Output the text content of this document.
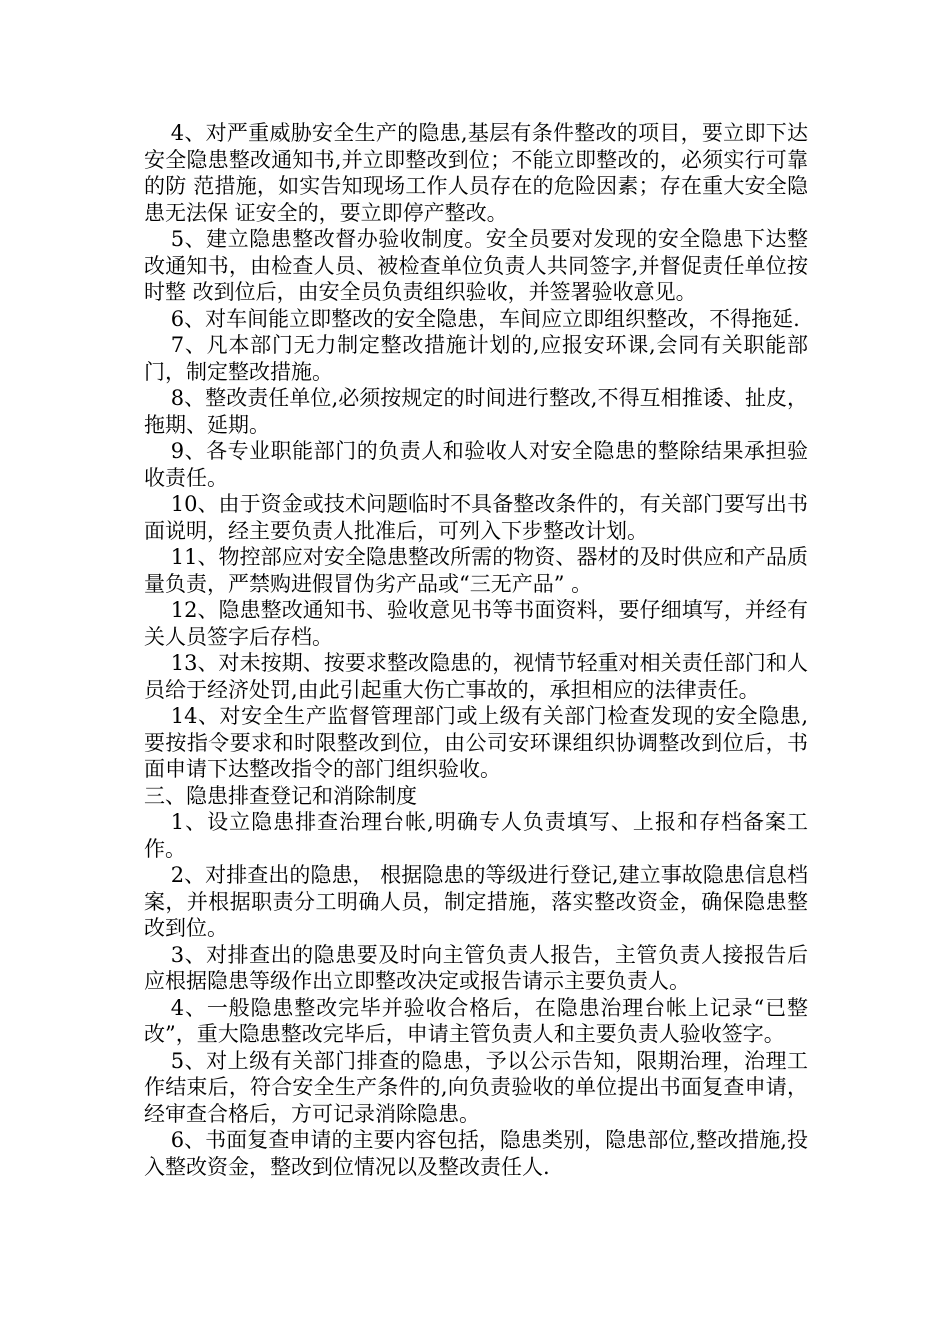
4、对严重威胁安全生产的隐患,基层有条件整改的项目，要立即下达安全隐患整改通知书,并立即整改到位；不能立即整改的，必须实行可靠的防 范措施，如实告知现场工作人员存在的危险因素；存在重大安全隐患无法保 证安全的，要立即停产整改。

5、建立隐患整改督办验收制度。安全员要对发现的安全隐患下达整改通知书，由检查人员、被检查单位负责人共同签字,并督促责任单位按时整 改到位后，由安全员负责组织验收，并签署验收意见。

6、对车间能立即整改的安全隐患，车间应立即组织整改，不得拖延.

7、凡本部门无力制定整改措施计划的,应报安环课,会同有关职能部门，制定整改措施。

8、整改责任单位,必须按规定的时间进行整改,不得互相推诿、扯皮，拖期、延期。

9、各专业职能部门的负责人和验收人对安全隐患的整除结果承担验收责任。

10、由于资金或技术问题临时不具备整改条件的，有关部门要写出书面说明，经主要负责人批准后，可列入下步整改计划。

11、物控部应对安全隐患整改所需的物资、器材的及时供应和产品质量负责，严禁购进假冒伪劣产品或“三无产品” 。

12、隐患整改通知书、验收意见书等书面资料，要仔细填写，并经有关人员签字后存档。

13、对未按期、按要求整改隐患的，视情节轻重对相关责任部门和人员给于经济处罚,由此引起重大伤亡事故的，承担相应的法律责任。

14、对安全生产监督管理部门或上级有关部门检查发现的安全隐患,要按指令要求和时限整改到位，由公司安环课组织协调整改到位后，书面申请下达整改指令的部门组织验收。

三、隐患排查登记和消除制度

1、设立隐患排查治理台帐,明确专人负责填写、上报和存档备案工作。

2、对排查出的隐患， 根据隐患的等级进行登记,建立事故隐患信息档案，并根据职责分工明确人员，制定措施，落实整改资金，确保隐患整改到位。

3、对排查出的隐患要及时向主管负责人报告，主管负责人接报告后应根据隐患等级作出立即整改决定或报告请示主要负责人。

4、一般隐患整改完毕并验收合格后，在隐患治理台帐上记录“已整改”，重大隐患整改完毕后，申请主管负责人和主要负责人验收签字。

5、对上级有关部门排查的隐患，予以公示告知，限期治理，治理工作结束后，符合安全生产条件的,向负责验收的单位提出书面复查申请，经审查合格后，方可记录消除隐患。

6、书面复查申请的主要内容包括，隐患类别，隐患部位,整改措施,投入整改资金，整改到位情况以及整改责任人.
